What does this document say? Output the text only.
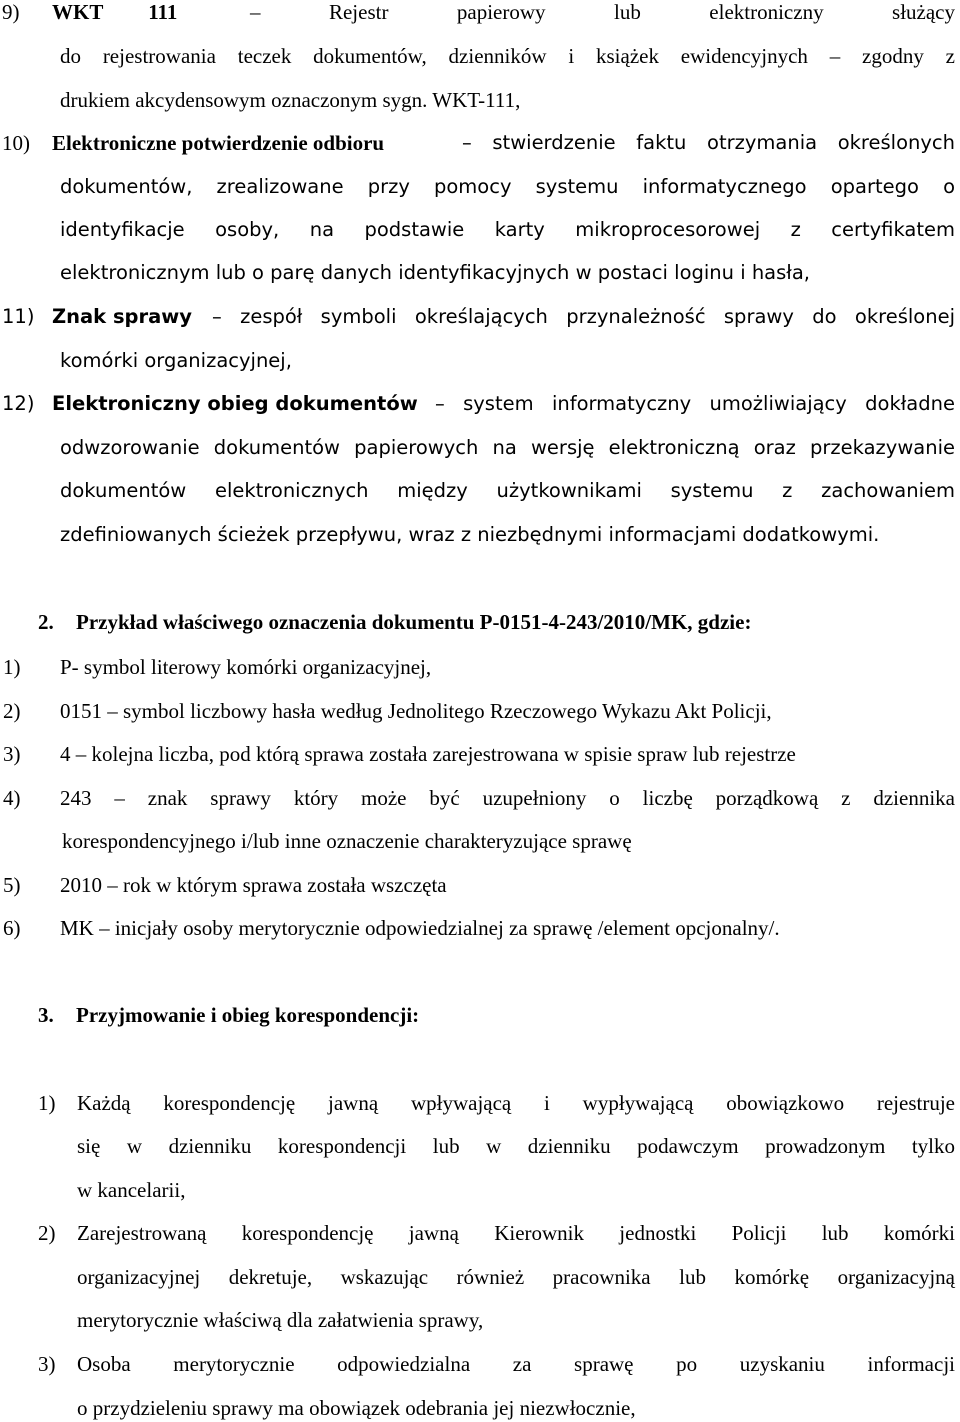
9) WKT 111	– Rejestr papierowy lub elektroniczny służący
do rejestrowania teczek dokumentów, dzienników i książek ewidencyjnych – zgodny z
drukiem akcydensowym oznaczonym sygn. WKT-111,
10) Elektroniczne potwierdzenie odbioru	– stwierdzenie faktu otrzymania określonych
dokumentów, zrealizowane przy pomocy systemu informatycznego opartego o
identyfikacje osoby, na podstawie karty mikroprocesorowej z certyfikatem
elektronicznym lub o parę danych identyfikacyjnych w postaci loginu i hasła,
11) Znak sprawy – zespół symboli określających przynależność sprawy do określonej
komórki organizacyjnej,
12) Elektroniczny obieg dokumentów – system informatyczny umożliwiający dokładne
odwzorowanie dokumentów papierowych na wersję elektroniczną oraz przekazywanie
dokumentów elektronicznych między użytkownikami systemu z zachowaniem
zdefiniowanych ścieżek przepływu, wraz z niezbędnymi informacjami dodatkowymi.
2. Przykład właściwego oznaczenia dokumentu P-0151-4-243/2010/MK, gdzie:
1) P- symbol literowy komórki organizacyjnej,
2) 0151 – symbol liczbowy hasła według Jednolitego Rzeczowego Wykazu Akt Policji,
3) 4 – kolejna liczba, pod którą sprawa została zarejestrowana w spisie spraw lub rejestrze
4) 243 – znak sprawy który może być uzupełniony o liczbę porządkową z dziennika
korespondencyjnego i/lub inne oznaczenie charakteryzujące sprawę
5) 2010 – rok w którym sprawa została wszczęta
6) MK – inicjały osoby merytorycznie odpowiedzialnej za sprawę /element opcjonalny/.
3. Przyjmowanie i obieg korespondencji:
1) Każdą korespondencję jawną wpływającą i wypływającą obowiązkowo rejestruje
się w dzienniku korespondencji lub w dzienniku podawczym prowadzonym tylko
w kancelarii,
2) Zarejestrowaną korespondencję jawną Kierownik jednostki Policji lub komórki
organizacyjnej dekretuje, wskazując również pracownika lub komórkę organizacyjną
merytorycznie właściwą dla załatwienia sprawy,
3) Osoba merytorycznie odpowiedzialna za sprawę po uzyskaniu informacji
o przydzieleniu sprawy ma obowiązek odebrania jej niezwłocznie,
